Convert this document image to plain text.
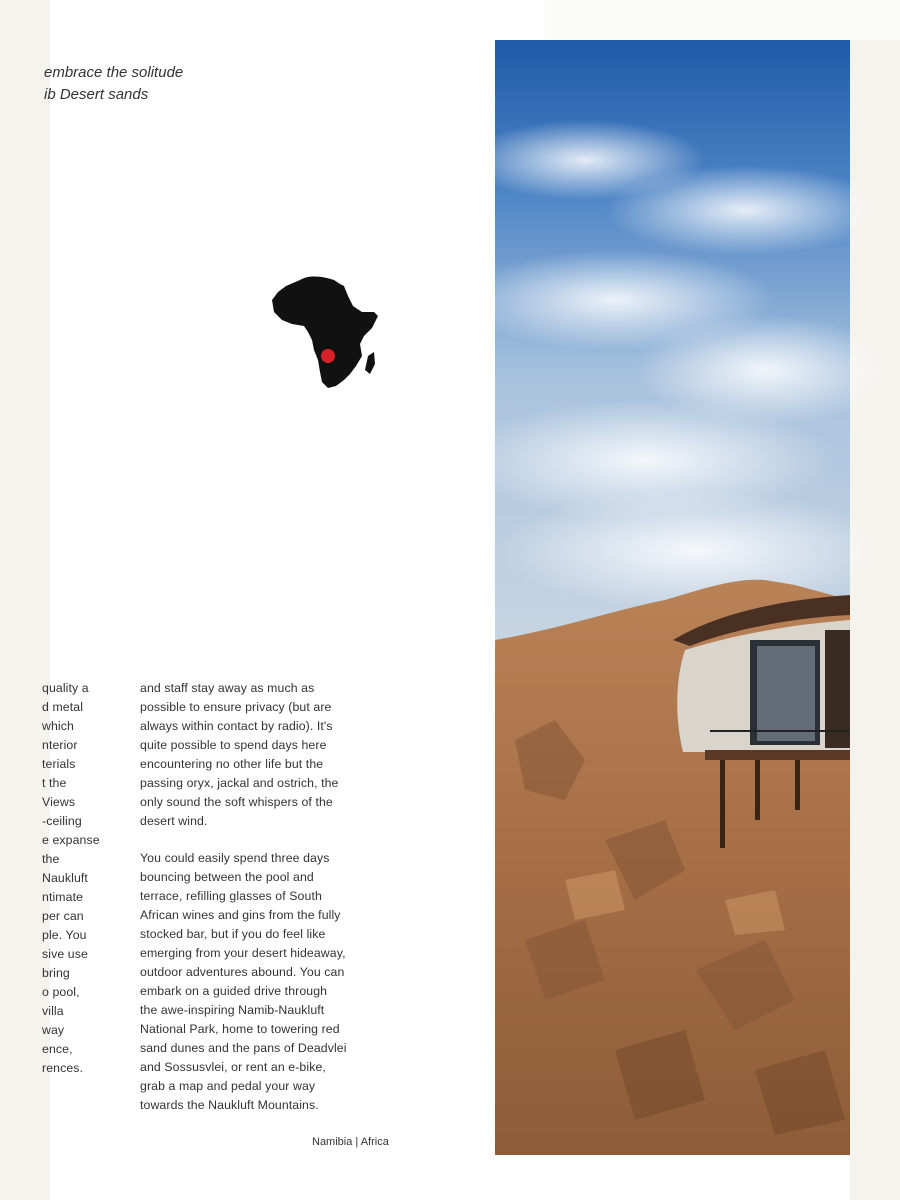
embrace the solitude
ib Desert sands
quality a
d metal
which
nterior
terials
t the
Views
-ceiling
e expanse
the
Naukluft
ntimate
per can
ple. You
sive use
bring
o pool,
villa
way
ence,
rences.
and staff stay away as much as
possible to ensure privacy (but are
always within contact by radio). It's
quite possible to spend days here
encountering no other life but the
passing oryx, jackal and ostrich, the
only sound the soft whispers of the
desert wind.
You could easily spend three days
bouncing between the pool and
terrace, refilling glasses of South
African wines and gins from the fully
stocked bar, but if you do feel like
emerging from your desert hideaway,
outdoor adventures abound. You can
embark on a guided drive through
the awe-inspiring Namib-Naukluft
National Park, home to towering red
sand dunes and the pans of Deadvlei
and Sossusvlei, or rent an e-bike,
grab a map and pedal your way
towards the Naukluft Mountains.
Namibia | Africa
